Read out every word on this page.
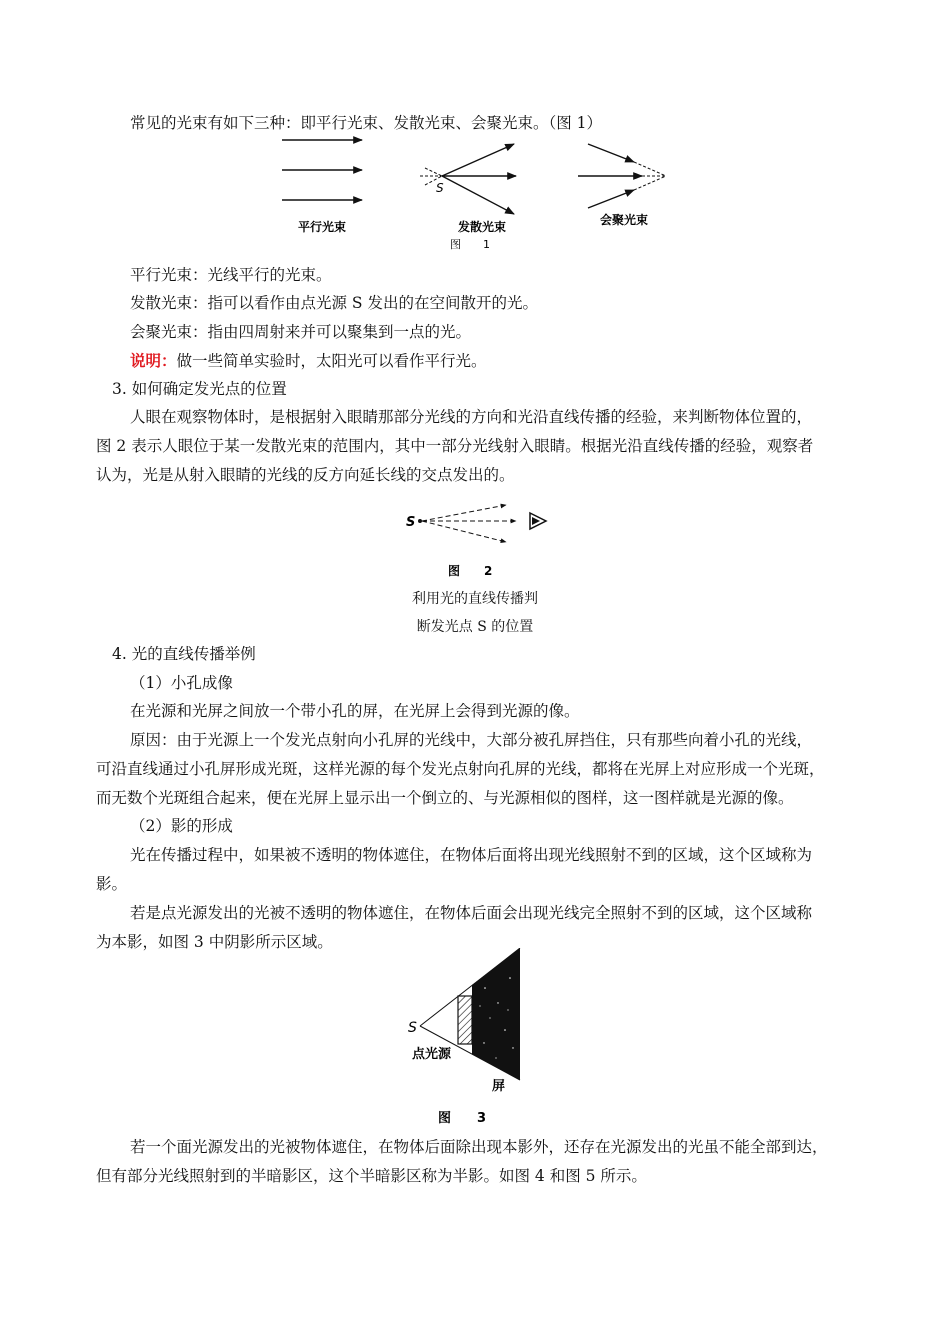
常见的光束有如下三种：即平行光束、发散光束、会聚光束。（图 1）
平行光束
S
发散光束
图　　1
会聚光束
平行光束：光线平行的光束。
发散光束：指可以看作由点光源 S 发出的在空间散开的光。
会聚光束：指由四周射来并可以聚集到一点的光。
说明：做一些简单实验时，太阳光可以看作平行光。
3. 如何确定发光点的位置
人眼在观察物体时，是根据射入眼睛那部分光线的方向和光沿直线传播的经验，来判断物体位置的，
图 2 表示人眼位于某一发散光束的范围内，其中一部分光线射入眼睛。根据光沿直线传播的经验，观察者
认为，光是从射入眼睛的光线的反方向延长线的交点发出的。
S
图　　2
利用光的直线传播判
断发光点 S 的位置
4. 光的直线传播举例
（1）小孔成像
在光源和光屏之间放一个带小孔的屏，在光屏上会得到光源的像。
原因：由于光源上一个发光点射向小孔屏的光线中，大部分被孔屏挡住，只有那些向着小孔的光线，
可沿直线通过小孔屏形成光斑，这样光源的每个发光点射向孔屏的光线，都将在光屏上对应形成一个光斑，
而无数个光斑组合起来，便在光屏上显示出一个倒立的、与光源相似的图样，这一图样就是光源的像。
（2）影的形成
光在传播过程中，如果被不透明的物体遮住，在物体后面将出现光线照射不到的区域，这个区域称为
影。
若是点光源发出的光被不透明的物体遮住，在物体后面会出现光线完全照射不到的区域，这个区域称
为本影，如图 3 中阴影所示区域。
S
点光源
屏
图　　3
若一个面光源发出的光被物体遮住，在物体后面除出现本影外，还存在光源发出的光虽不能全部到达，
但有部分光线照射到的半暗影区，这个半暗影区称为半影。如图 4 和图 5 所示。
